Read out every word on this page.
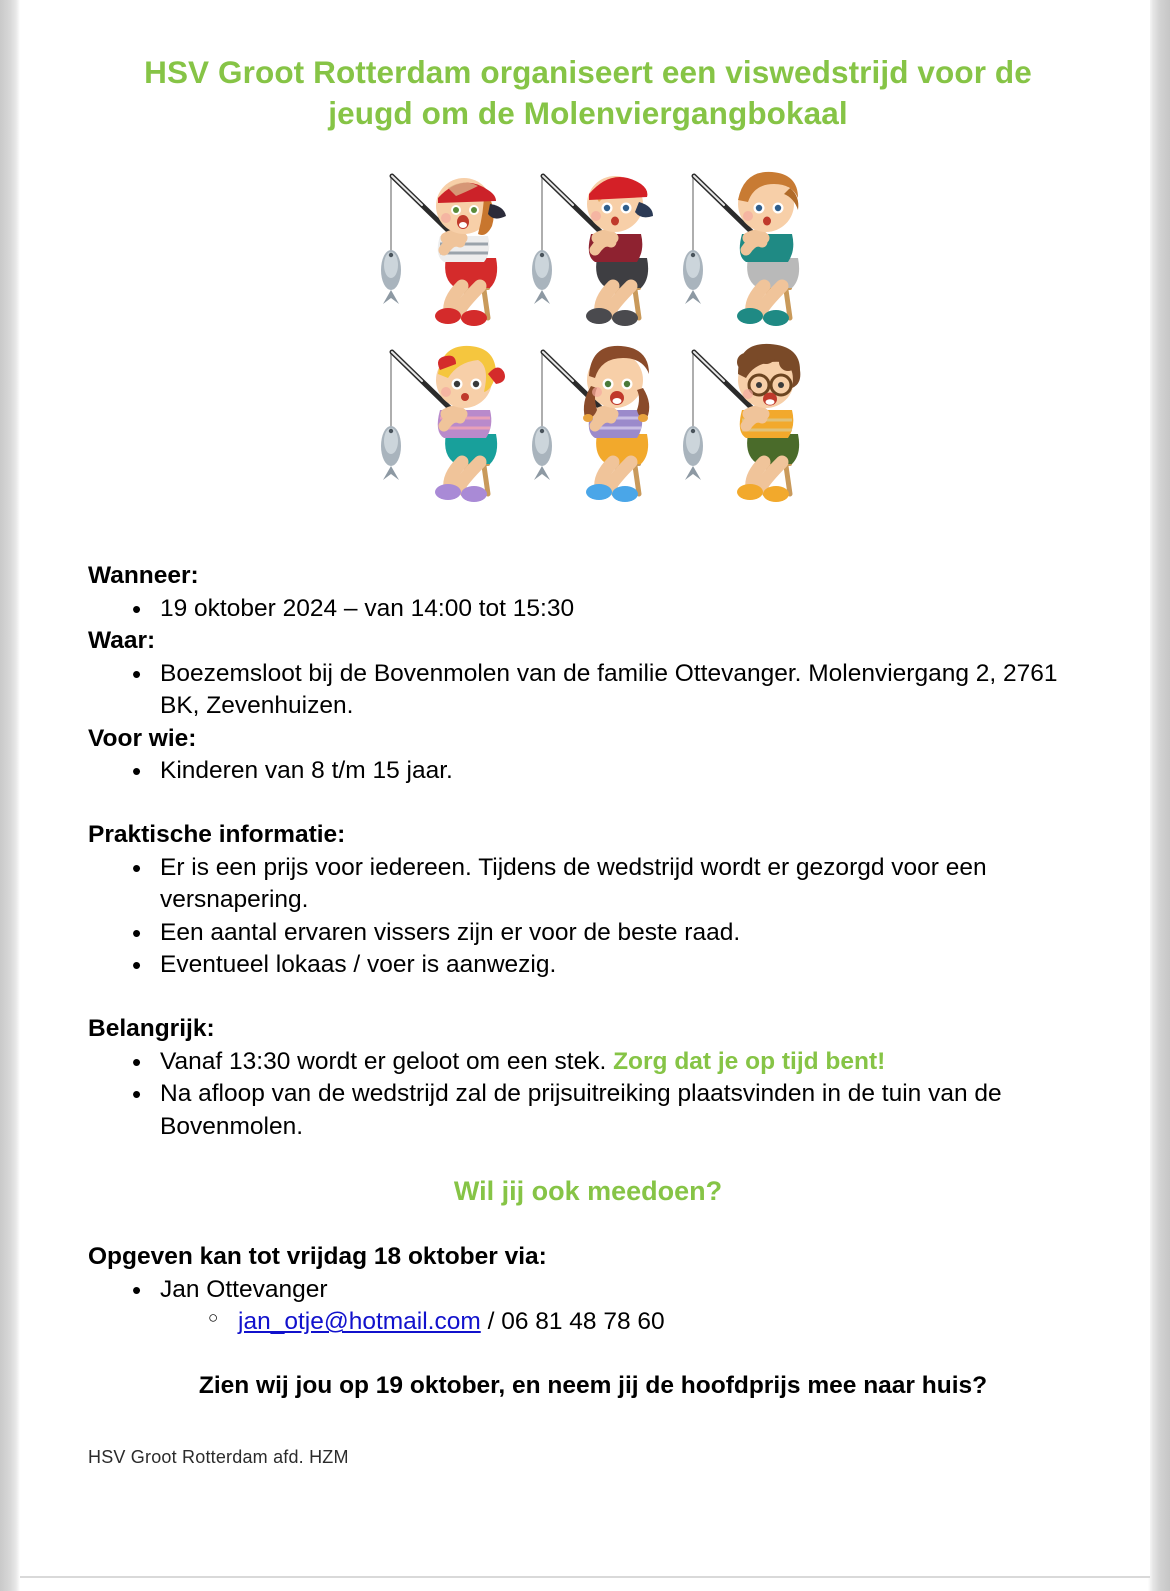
HSV Groot Rotterdam organiseert een viswedstrijd voor de
jeugd om de Molenviergangbokaal
Wanneer:
• 19 oktober 2024 – van 14:00 tot 15:30
Waar:
• Boezemsloot bij de Bovenmolen van de familie Ottevanger. Molenviergang 2, 2761 BK, Zevenhuizen.
Voor wie:
• Kinderen van 8 t/m 15 jaar.
Praktische informatie:
• Er is een prijs voor iedereen. Tijdens de wedstrijd wordt er gezorgd voor een versnapering.
• Een aantal ervaren vissers zijn er voor de beste raad.
• Eventueel lokaas / voer is aanwezig.
Belangrijk:
• Vanaf 13:30 wordt er geloot om een stek. Zorg dat je op tijd bent!
• Na afloop van de wedstrijd zal de prijsuitreiking plaatsvinden in de tuin van de Bovenmolen.
Wil jij ook meedoen?
Opgeven kan tot vrijdag 18 oktober via:
• Jan Ottevanger
○ jan_otje@hotmail.com / 06 81 48 78 60
Zien wij jou op 19 oktober, en neem jij de hoofdprijs mee naar huis?
HSV Groot Rotterdam afd. HZM
